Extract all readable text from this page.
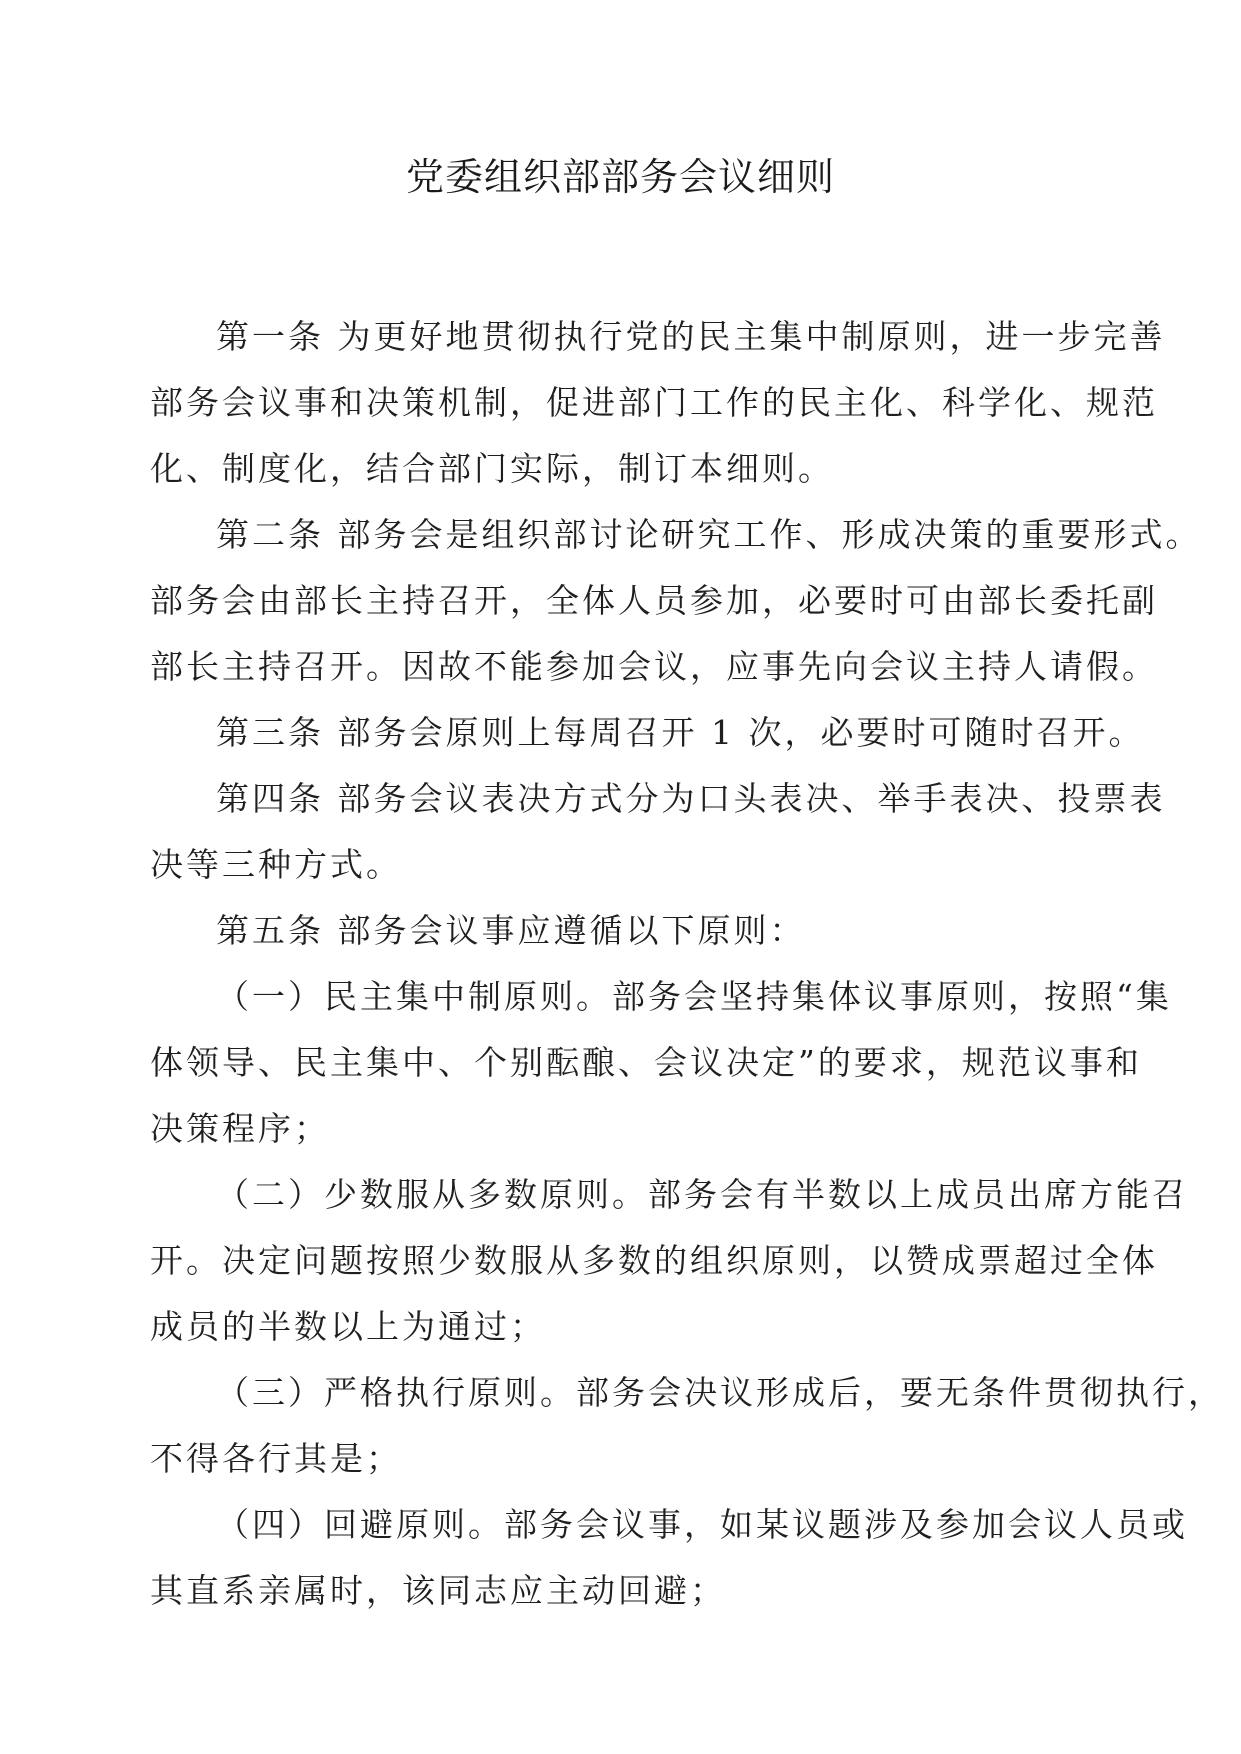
党委组织部部务会议细则
第一条 为更好地贯彻执行党的民主集中制原则，进一步完善
部务会议事和决策机制，促进部门工作的民主化、科学化、规范
化、制度化，结合部门实际，制订本细则。
第二条 部务会是组织部讨论研究工作、形成决策的重要形式。
部务会由部长主持召开，全体人员参加，必要时可由部长委托副
部长主持召开。因故不能参加会议，应事先向会议主持人请假。
第三条 部务会原则上每周召开 1 次，必要时可随时召开。
第四条 部务会议表决方式分为口头表决、举手表决、投票表
决等三种方式。
第五条 部务会议事应遵循以下原则：
（一）民主集中制原则。部务会坚持集体议事原则，按照“集
体领导、民主集中、个别酝酿、会议决定”的要求，规范议事和
决策程序；
（二）少数服从多数原则。部务会有半数以上成员出席方能召
开。决定问题按照少数服从多数的组织原则，以赞成票超过全体
成员的半数以上为通过；
（三）严格执行原则。部务会决议形成后，要无条件贯彻执行，
不得各行其是；
（四）回避原则。部务会议事，如某议题涉及参加会议人员或
其直系亲属时，该同志应主动回避；
